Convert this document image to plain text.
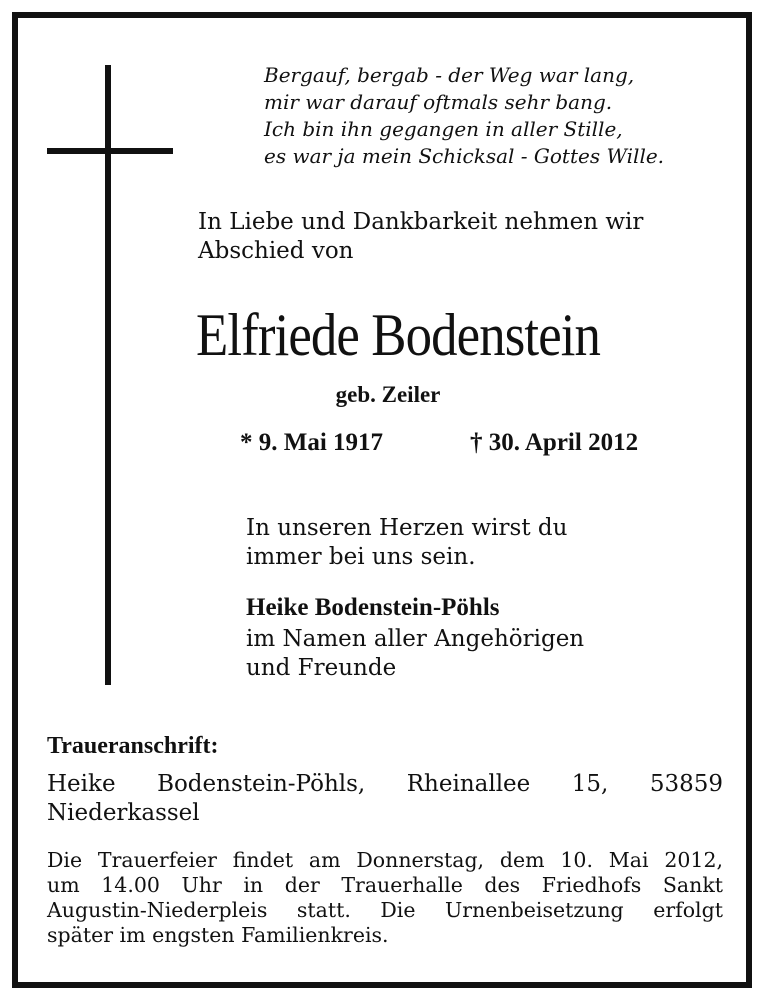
Bergauf, bergab - der Weg war lang,
mir war darauf oftmals sehr bang.
Ich bin ihn gegangen in aller Stille,
es war ja mein Schicksal - Gottes Wille.
In Liebe und Dankbarkeit nehmen wir
Abschied von
Elfriede Bodenstein
geb. Zeiler
* 9. Mai 1917	† 30. April 2012
In unseren Herzen wirst du
immer bei uns sein.
Heike Bodenstein-Pöhls
im Namen aller Angehörigen
und Freunde
Traueranschrift:
Heike Bodenstein-Pöhls, Rheinallee 15, 53859
Niederkassel
Die Trauerfeier findet am Donnerstag, dem 10. Mai 2012,
um 14.00 Uhr in der Trauerhalle des Friedhofs Sankt
Augustin-Niederpleis statt. Die Urnenbeisetzung erfolgt
später im engsten Familienkreis.
